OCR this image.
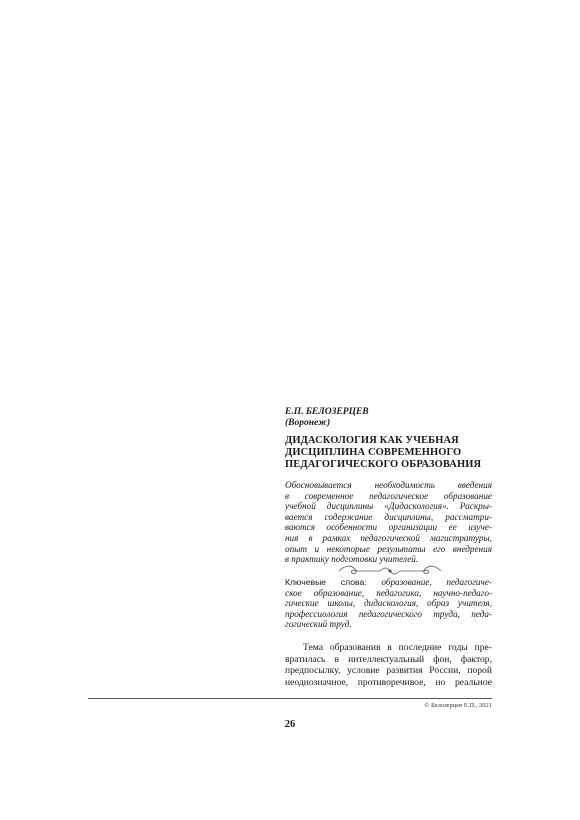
Е.П. БЕЛОЗЕРЦЕВ
(Воронеж)
ДИДАСКОЛОГИЯ КАК УЧЕБНАЯ
ДИСЦИПЛИНА СОВРЕМЕННОГО
ПЕДАГОГИЧЕСКОГО ОБРАЗОВАНИЯ
Обосновывается необходимость введения
в современное педагогическое образование
учебной дисциплины «Дидаскология». Раскры-
вается содержание дисциплины, рассматри-
ваются особенности организации ее изуче-
ния в рамках педагогической магистратуры,
опыт и некоторые результаты его внедрения
в практику подготовки учителей.
Ключевые слова: образование, педагогиче-
ское образование, педагогика, научно-педаго-
гические школы, дидаскология, образ учителя,
профессиология педагогического труда, педа-
гогический труд.
Тема образования в последние годы пре-
вратилась в интеллектуальный фон, фактор,
предпосылку, условие развития России, порой
неоднозначное, противоречивое, но реальное
© Белозерцев Е.П., 2021
26
